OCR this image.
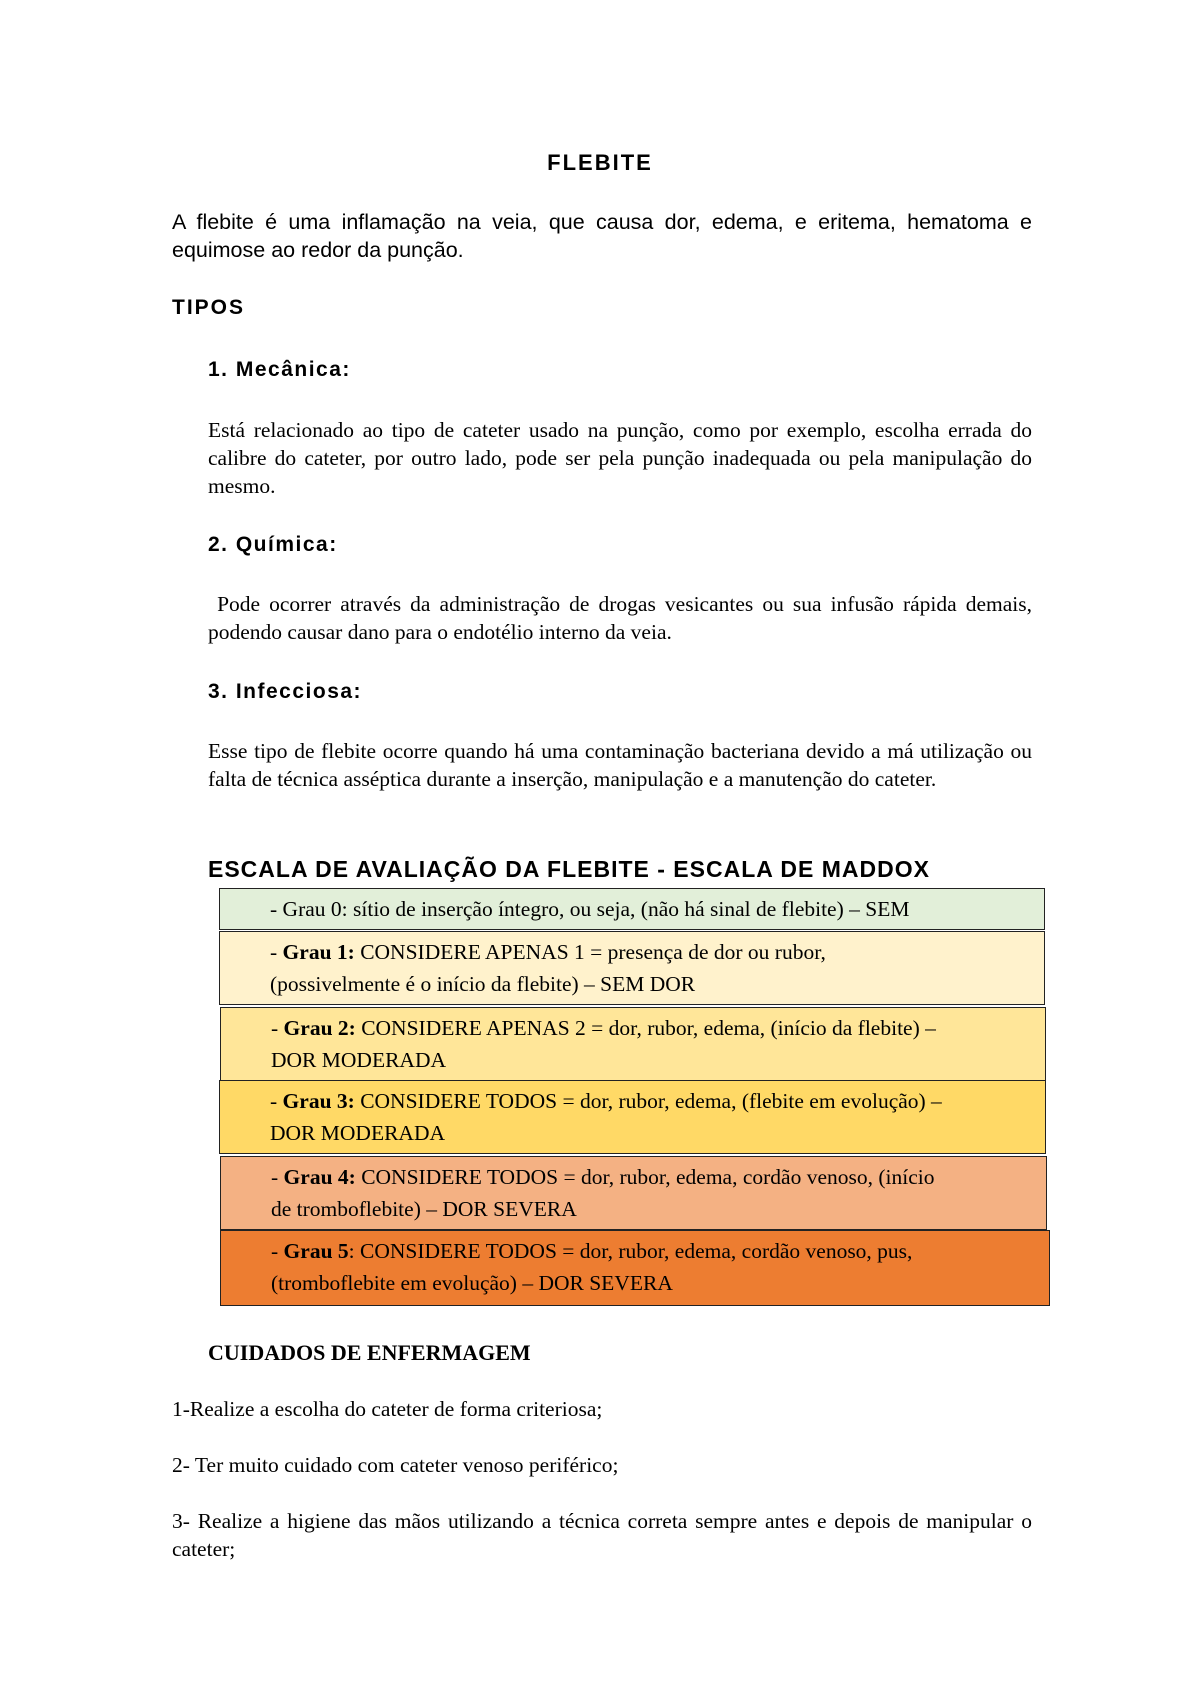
FLEBITE
A flebite é uma inflamação na veia, que causa dor, edema, e eritema, hematoma e equimose ao redor da punção.
TIPOS
1. Mecânica:
Está relacionado ao tipo de cateter usado na punção, como por exemplo, escolha errada do calibre do cateter, por outro lado, pode ser pela punção inadequada ou pela manipulação do mesmo.
2. Química:
Pode ocorrer através da administração de drogas vesicantes ou sua infusão rápida demais, podendo causar dano para o endotélio interno da veia.
3. Infecciosa:
Esse tipo de flebite ocorre quando há uma contaminação bacteriana devido a má utilização ou falta de técnica asséptica durante a inserção, manipulação e a manutenção do cateter.
ESCALA DE AVALIAÇÃO DA FLEBITE - ESCALA DE MADDOX
- Grau 0: sítio de inserção íntegro, ou seja, (não há sinal de flebite) – SEM
- Grau 1: CONSIDERE APENAS 1 = presença de dor ou rubor,
(possivelmente é o início da flebite) – SEM DOR
- Grau 2: CONSIDERE APENAS 2 = dor, rubor, edema, (início da flebite) –
DOR MODERADA
- Grau 3: CONSIDERE TODOS = dor, rubor, edema, (flebite em evolução) –
DOR MODERADA
- Grau 4: CONSIDERE TODOS = dor, rubor, edema, cordão venoso, (início
de tromboflebite) – DOR SEVERA
- Grau 5: CONSIDERE TODOS = dor, rubor, edema, cordão venoso, pus,
(tromboflebite em evolução) – DOR SEVERA
CUIDADOS DE ENFERMAGEM
1-Realize a escolha do cateter de forma criteriosa;
2- Ter muito cuidado com cateter venoso periférico;
3- Realize a higiene das mãos utilizando a técnica correta sempre antes e depois de manipular o cateter;
